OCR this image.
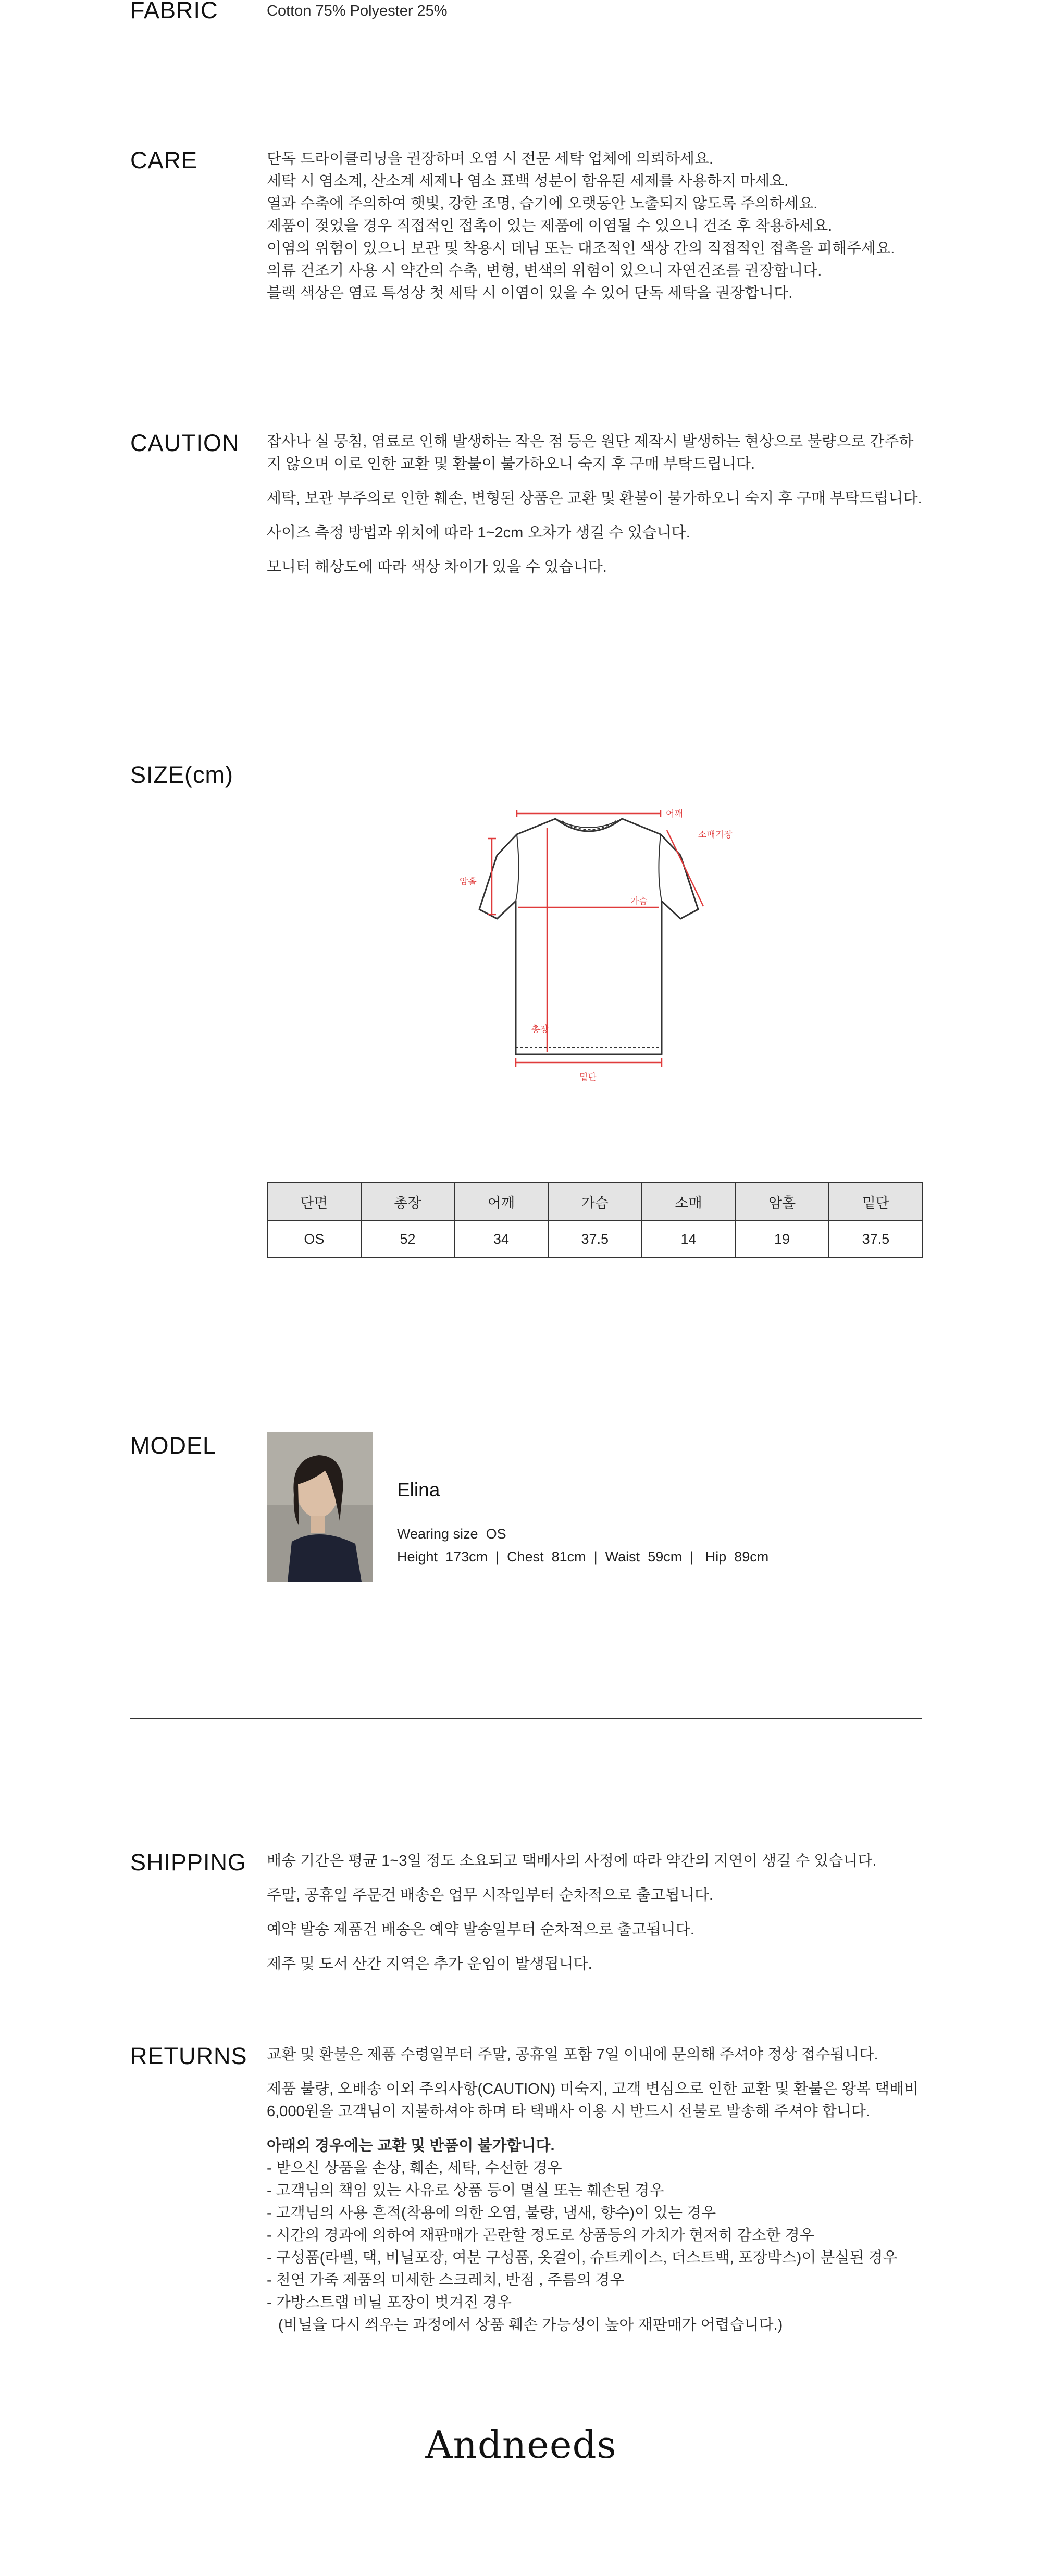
FABRIC	Cotton 75% Polyester 25%

CARE	단독 드라이클리닝을 권장하며 오염 시 전문 세탁 업체에 의뢰하세요.

세탁 시 염소계, 산소계 세제나 염소 표백 성분이 함유된 세제를 사용하지 마세요.

열과 수축에 주의하여 햇빛, 강한 조명, 습기에 오랫동안 노출되지 않도록 주의하세요.

제품이 젖었을 경우 직접적인 접촉이 있는 제품에 이염될 수 있으니 건조 후 착용하세요.

이염의 위험이 있으니 보관 및 착용시 데님 또는 대조적인 색상 간의 직접적인 접촉을 피해주세요.

의류 건조기 사용 시 약간의 수축, 변형, 변색의 위험이 있으니 자연건조를 권장합니다.

블랙 색상은 염료 특성상 첫 세탁 시 이염이 있을 수 있어 단독 세탁을 권장합니다.

CAUTION 잡사나 실 뭉침, 염료로 인해 발생하는 작은 점 등은 원단 제작시 발생하는 현상으로 불량으로 간주하지 않으며 이로 인한 교환 및 환불이 불가하오니 숙지 후 구매 부탁드립니다.

세탁, 보관 부주의로 인한 훼손, 변형된 상품은 교환 및 환불이 불가하오니 숙지 후 구매 부탁드립니다.

사이즈 측정 방법과 위치에 따라 1~2cm 오차가 생길 수 있습니다.

모니터 해상도에 따라 색상 차이가 있을 수 있습니다.

SIZE(cm)
어깨
소매기장
암홀
가슴
총장
밑단
단면	총장	어깨	가슴	소매	암홀	밑단
OS	52	34	37.5	14	19	37.5
MODEL

Elina

Wearing size  OS

Height  173cm  |  Chest  81cm  |  Waist  59cm  |   Hip  89cm

SHIPPING 배송 기간은 평균 1~3일 정도 소요되고 택배사의 사정에 따라 약간의 지연이 생길 수 있습니다.

주말, 공휴일 주문건 배송은 업무 시작일부터 순차적으로 출고됩니다.

예약 발송 제품건 배송은 예약 발송일부터 순차적으로 출고됩니다.

제주 및 도서 산간 지역은 추가 운임이 발생됩니다.

RETURNS 교환 및 환불은 제품 수령일부터 주말, 공휴일 포함 7일 이내에 문의해 주셔야 정상 접수됩니다.

제품 불량, 오배송 이외 주의사항(CAUTION) 미숙지, 고객 변심으로 인한 교환 및 환불은 왕복 택배비 6,000원을 고객님이 지불하셔야 하며 타 택배사 이용 시 반드시 선불로 발송해 주셔야 합니다.

아래의 경우에는 교환 및 반품이 불가합니다.

- 받으신 상품을 손상, 훼손, 세탁, 수선한 경우

- 고객님의 책임 있는 사유로 상품 등이 멸실 또는 훼손된 경우

- 고객님의 사용 흔적(착용에 의한 오염, 불량, 냄새, 향수)이 있는 경우

- 시간의 경과에 의하여 재판매가 곤란할 정도로 상품등의 가치가 현저히 감소한 경우

- 구성품(라벨, 택, 비닐포장, 여분 구성품, 옷걸이, 슈트케이스, 더스트백, 포장박스)이 분실된 경우

- 천연 가죽 제품의 미세한 스크레치, 반점 , 주름의 경우

- 가방스트랩 비닐 포장이 벗겨진 경우

(비닐을 다시 씌우는 과정에서 상품 훼손 가능성이 높아 재판매가 어렵습니다.)

Andneeds
